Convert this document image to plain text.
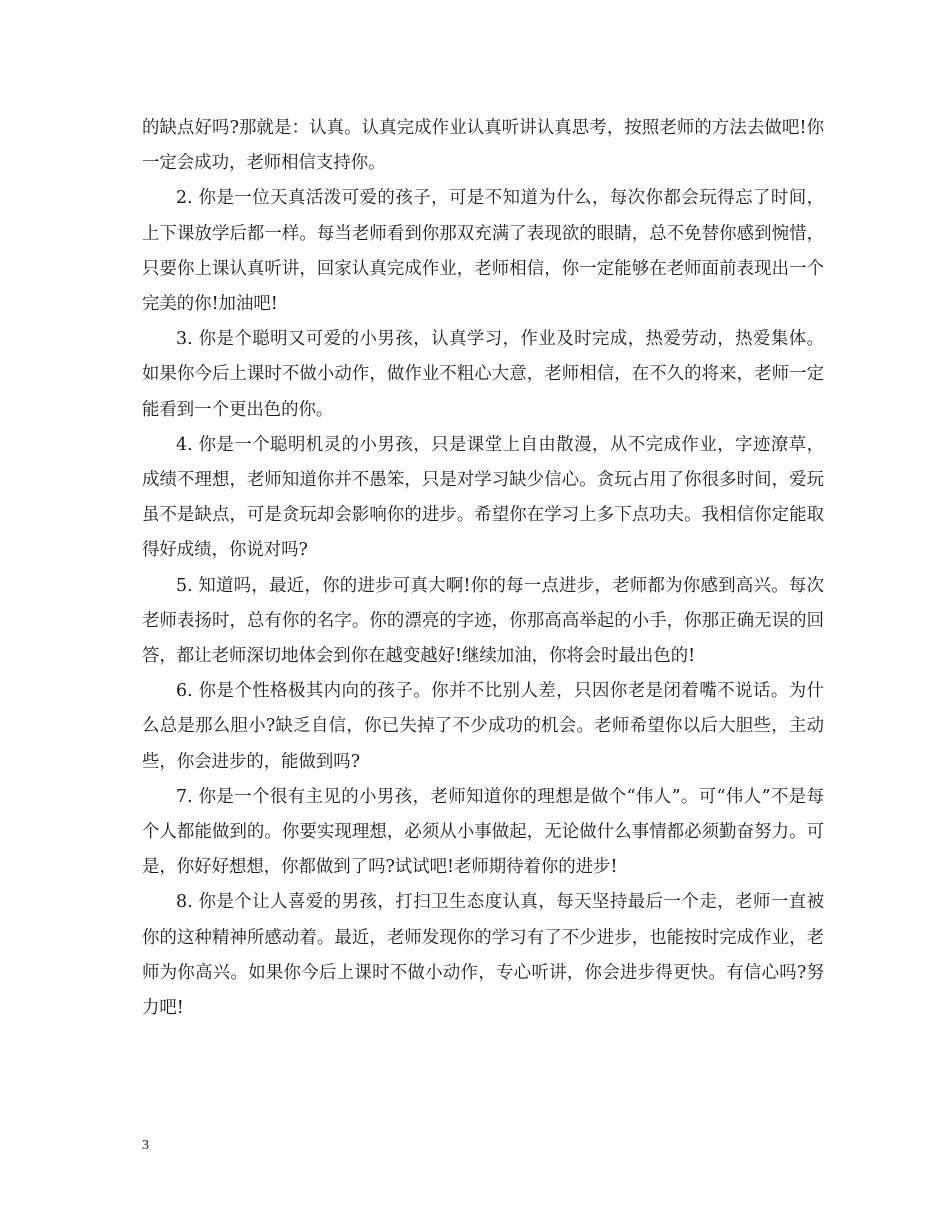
的缺点好吗?那就是：认真。认真完成作业认真听讲认真思考，按照老师的方法去做吧!你一定会成功，老师相信支持你。

2. 你是一位天真活泼可爱的孩子，可是不知道为什么，每次你都会玩得忘了时间，上下课放学后都一样。每当老师看到你那双充满了表现欲的眼睛，总不免替你感到惋惜，只要你上课认真听讲，回家认真完成作业，老师相信，你一定能够在老师面前表现出一个完美的你!加油吧!

3. 你是个聪明又可爱的小男孩，认真学习，作业及时完成，热爱劳动，热爱集体。如果你今后上课时不做小动作，做作业不粗心大意，老师相信，在不久的将来，老师一定能看到一个更出色的你。

4. 你是一个聪明机灵的小男孩，只是课堂上自由散漫，从不完成作业，字迹潦草，成绩不理想，老师知道你并不愚笨，只是对学习缺少信心。贪玩占用了你很多时间，爱玩虽不是缺点，可是贪玩却会影响你的进步。希望你在学习上多下点功夫。我相信你定能取得好成绩，你说对吗?

5. 知道吗，最近，你的进步可真大啊!你的每一点进步，老师都为你感到高兴。每次老师表扬时，总有你的名字。你的漂亮的字迹，你那高高举起的小手，你那正确无误的回答，都让老师深切地体会到你在越变越好!继续加油，你将会时最出色的!

6. 你是个性格极其内向的孩子。你并不比别人差，只因你老是闭着嘴不说话。为什么总是那么胆小?缺乏自信，你已失掉了不少成功的机会。老师希望你以后大胆些，主动些，你会进步的，能做到吗?

7. 你是一个很有主见的小男孩，老师知道你的理想是做个“伟人”。可“伟人”不是每个人都能做到的。你要实现理想，必须从小事做起，无论做什么事情都必须勤奋努力。可是，你好好想想，你都做到了吗?试试吧!老师期待着你的进步!

8. 你是个让人喜爱的男孩，打扫卫生态度认真，每天坚持最后一个走，老师一直被你的这种精神所感动着。最近，老师发现你的学习有了不少进步，也能按时完成作业，老师为你高兴。如果你今后上课时不做小动作，专心听讲，你会进步得更快。有信心吗?努力吧!

3
